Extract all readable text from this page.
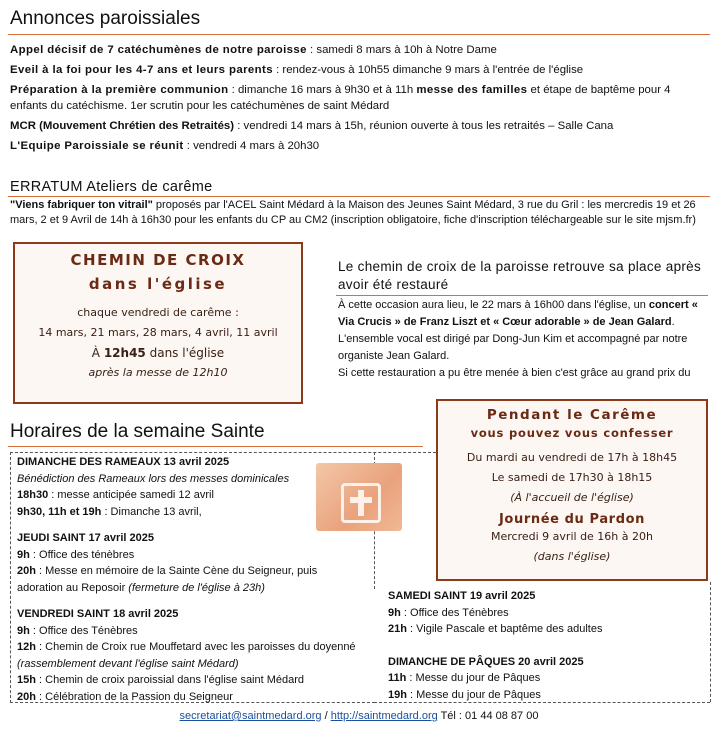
Annonces paroissiales
Appel décisif de 7 catéchumènes de notre paroisse : samedi 8 mars à 10h à Notre Dame
Eveil à la foi pour les 4-7 ans et leurs parents : rendez-vous à 10h55 dimanche 9 mars à l'entrée de l'église
Préparation à la première communion : dimanche 16 mars à 9h30 et à 11h messe des familles et étape de baptême pour 4 enfants du catéchisme. 1er scrutin pour les catéchumènes de saint Médard
MCR (Mouvement Chrétien des Retraités) : vendredi 14 mars à 15h, réunion ouverte à tous les retraités – Salle Cana
L'Equipe Paroissiale se réunit : vendredi 4 mars à 20h30
ERRATUM Ateliers de carême
"Viens fabriquer ton vitrail" proposés par l'ACEL Saint Médard à la Maison des Jeunes Saint Médard, 3 rue du Gril : les mercredis 19 et 26 mars, 2 et 9 Avril de 14h à 16h30 pour les enfants du CP au CM2 (inscription obligatoire, fiche d'inscription téléchargeable sur le site mjsm.fr)
CHEMIN DE CROIX
dans l'église
chaque vendredi de carême :
14 mars, 21 mars, 28 mars, 4 avril, 11 avril
À 12h45 dans l'église
après la messe de 12h10
Le chemin de croix de la paroisse retrouve sa place après avoir été restauré
À cette occasion aura lieu, le 22 mars à 16h00 dans l'église, un concert « Via Crucis » de Franz Liszt et « Cœur adorable » de Jean Galard. L'ensemble vocal est dirigé par Dong-Jun Kim et accompagné par notre organiste Jean Galard.
Si cette restauration a pu être menée à bien c'est grâce au grand prix du
Horaires de la semaine Sainte
DIMANCHE DES RAMEAUX 13 avril 2025
Bénédiction des Rameaux lors des messes dominicales
18h30 : messe anticipée samedi 12 avril
9h30, 11h et 19h : Dimanche 13 avril,
JEUDI SAINT 17 avril 2025
9h : Office des ténèbres
20h : Messe en mémoire de la Sainte Cène du Seigneur, puis adoration au Reposoir (fermeture de l'église à 23h)
VENDREDI SAINT 18 avril 2025
9h : Office des Ténèbres
12h : Chemin de Croix rue Mouffetard avec les paroisses du doyenné (rassemblement devant l'église saint Médard)
15h : Chemin de croix paroissial dans l'église saint Médard
20h : Célébration de la Passion du Seigneur
Pendant le Carême
vous pouvez vous confesser
Du mardi au vendredi de 17h à 18h45
Le samedi de 17h30 à 18h15
(À l'accueil de l'église)
Journée du Pardon
Mercredi 9 avril de 16h à 20h
(dans l'église)
SAMEDI SAINT 19 avril 2025
9h : Office des Ténèbres
21h : Vigile Pascale et baptême des adultes
DIMANCHE DE PÂQUES 20 avril 2025
11h : Messe du jour de Pâques
19h : Messe du jour de Pâques
secretariat@saintmedard.org / http://saintmedard.org Tél : 01 44 08 87 00
